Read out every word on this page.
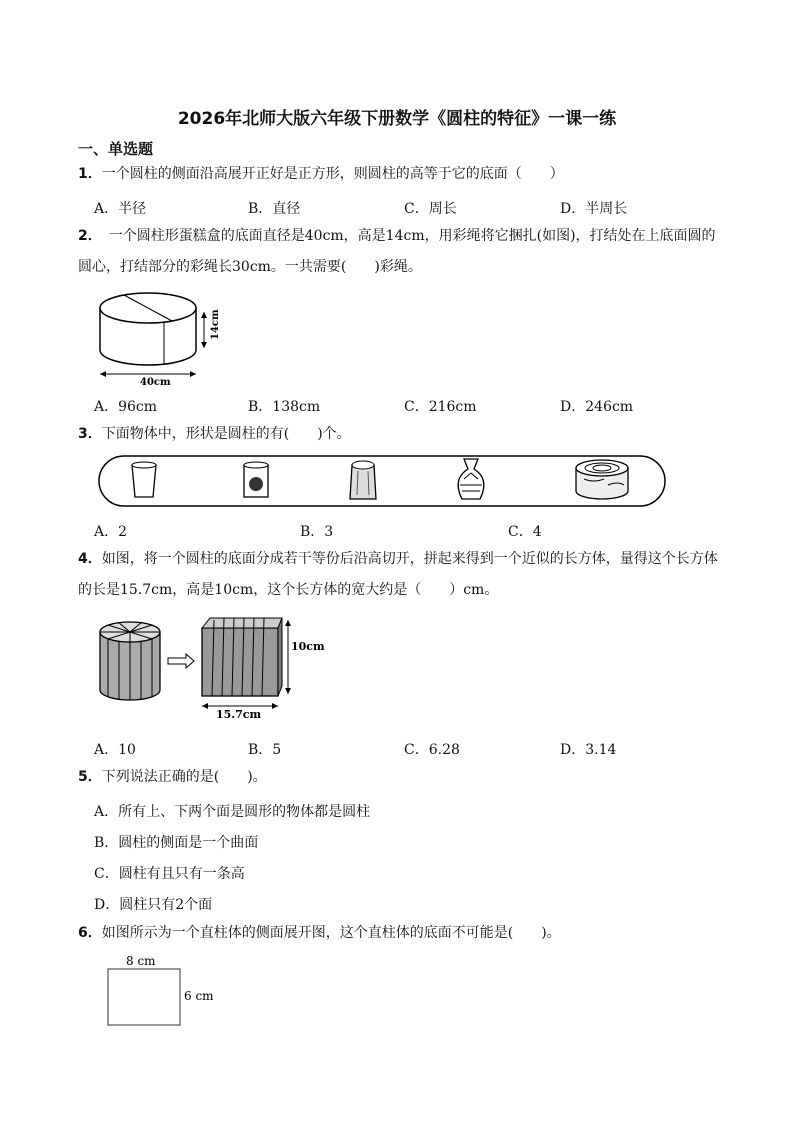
2026年北师大版六年级下册数学《圆柱的特征》一课一练
一、单选题
1．一个圆柱的侧面沿高展开正好是正方形，则圆柱的高等于它的底面（　　）
A．半径	B．直径	C．周长	D．半周长
2．　一个圆柱形蛋糕盒的底面直径是40cm，高是14cm，用彩绳将它捆扎(如图)，打结处在上底面圆的圆心，打结部分的彩绳长30cm。一共需要(　　)彩绳。
14cm
40cm
A．96cm	B．138cm	C．216cm	D．246cm
3．下面物体中，形状是圆柱的有(　　)个。
A．2	B．3	C．4
4．如图，将一个圆柱的底面分成若干等份后沿高切开，拼起来得到一个近似的长方体，量得这个长方体的长是15.7cm，高是10cm，这个长方体的宽大约是（　　）cm。
10cm
15.7cm
A．10	B．5	C．6.28	D．3.14
5．下列说法正确的是(　　)。
A．所有上、下两个面是圆形的物体都是圆柱
B．圆柱的侧面是一个曲面
C．圆柱有且只有一条高
D．圆柱只有2个面
6．如图所示为一个直柱体的侧面展开图，这个直柱体的底面不可能是(　　)。
8 cm
6 cm
